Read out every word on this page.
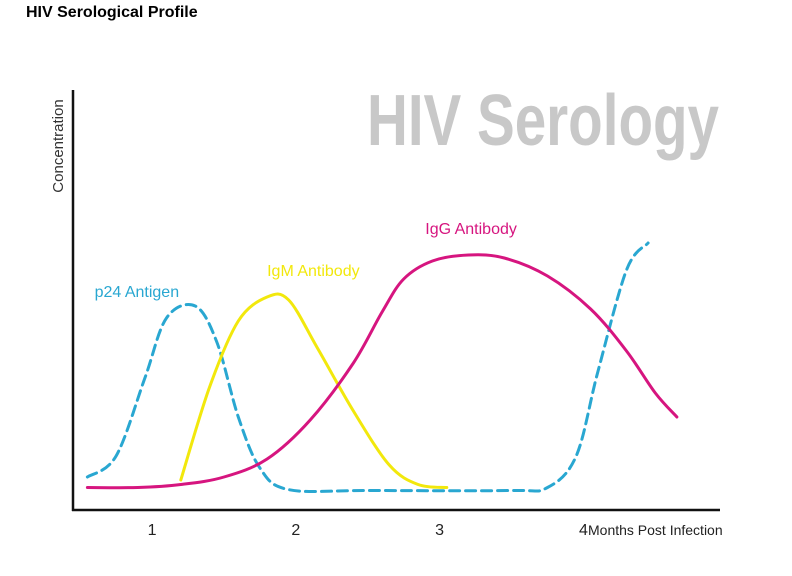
HIV Serological Profile
HIV Serology
Concentration
1	2	3	4 Months Post Infection
p24 Antigen
IgM Antibody
IgG Antibody
